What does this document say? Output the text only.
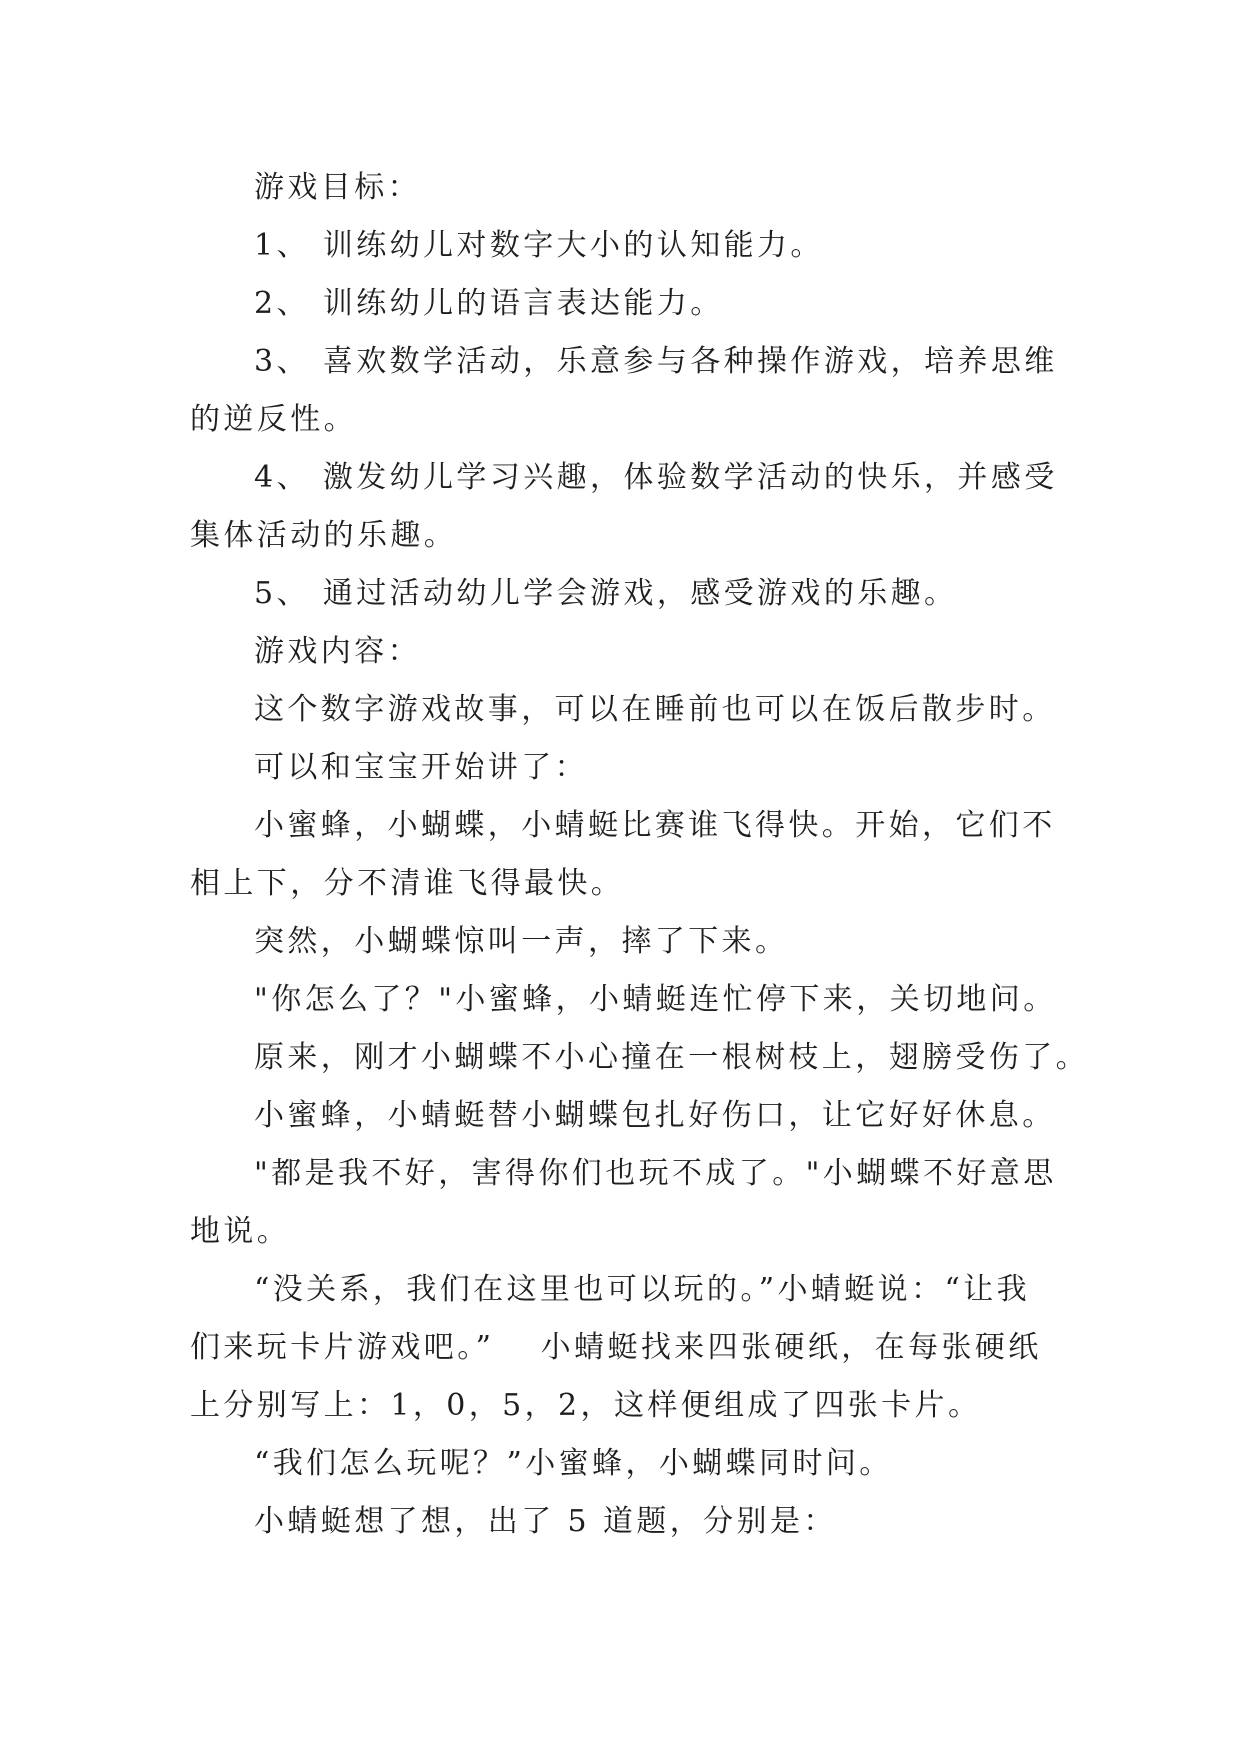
游戏目标：
1、 训练幼儿对数字大小的认知能力。
2、 训练幼儿的语言表达能力。
3、 喜欢数学活动，乐意参与各种操作游戏，培养思维
的逆反性。
4、 激发幼儿学习兴趣，体验数学活动的快乐，并感受
集体活动的乐趣。
5、 通过活动幼儿学会游戏，感受游戏的乐趣。
游戏内容：
这个数字游戏故事，可以在睡前也可以在饭后散步时。
可以和宝宝开始讲了：
小蜜蜂，小蝴蝶，小蜻蜓比赛谁飞得快。开始，它们不
相上下，分不清谁飞得最快。
突然，小蝴蝶惊叫一声，摔了下来。
"你怎么了？"小蜜蜂，小蜻蜓连忙停下来，关切地问。
原来，刚才小蝴蝶不小心撞在一根树枝上，翅膀受伤了。
小蜜蜂，小蜻蜓替小蝴蝶包扎好伤口，让它好好休息。
"都是我不好，害得你们也玩不成了。"小蝴蝶不好意思
地说。
“没关系，我们在这里也可以玩的。”小蜻蜓说：“让我
们来玩卡片游戏吧。”　 小蜻蜓找来四张硬纸，在每张硬纸
上分别写上：1，0，5，2，这样便组成了四张卡片。
“我们怎么玩呢？”小蜜蜂，小蝴蝶同时问。
小蜻蜓想了想，出了 5 道题，分别是：
